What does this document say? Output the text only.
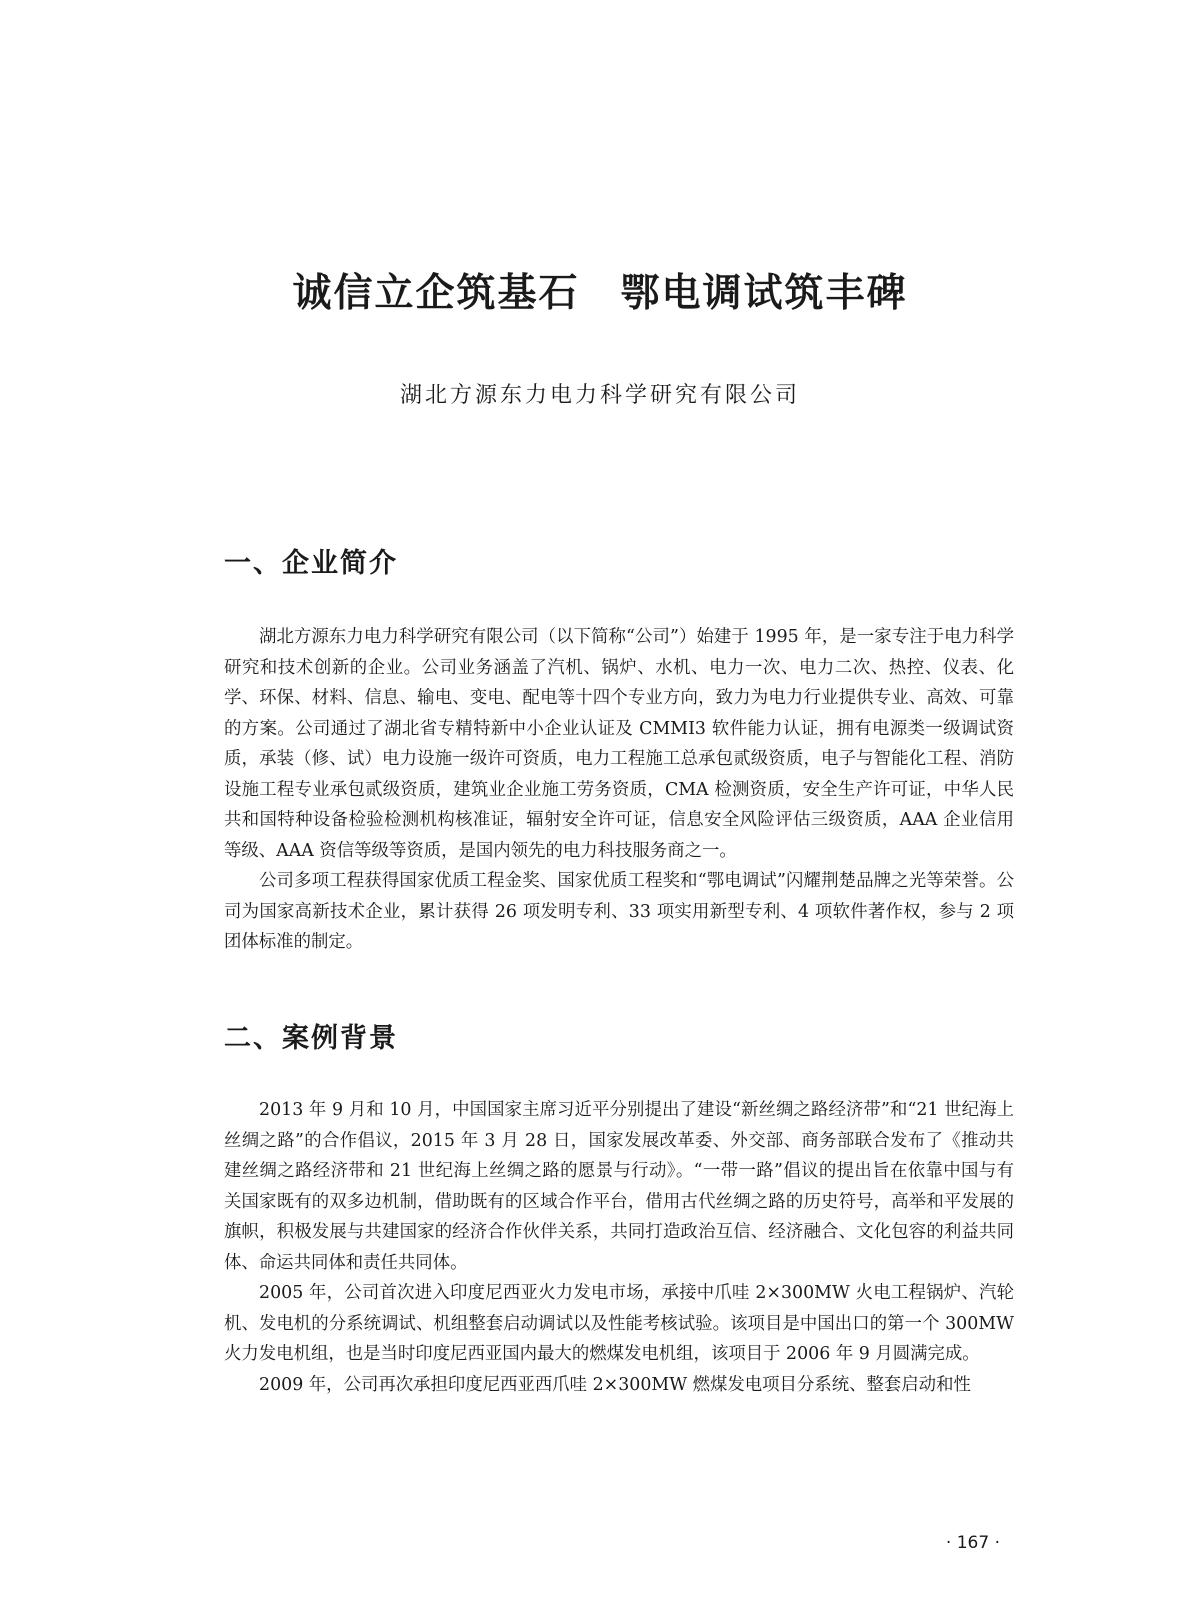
诚信立企筑基石　鄂电调试筑丰碑

湖北方源东力电力科学研究有限公司

一、企业简介

湖北方源东力电力科学研究有限公司（以下简称“公司”）始建于 1995 年，是一家专注于电力科学研究和技术创新的企业。公司业务涵盖了汽机、锅炉、水机、电力一次、电力二次、热控、仪表、化学、环保、材料、信息、输电、变电、配电等十四个专业方向，致力为电力行业提供专业、高效、可靠的方案。公司通过了湖北省专精特新中小企业认证及 CMMI3 软件能力认证，拥有电源类一级调试资质，承装（修、试）电力设施一级许可资质，电力工程施工总承包贰级资质，电子与智能化工程、消防设施工程专业承包贰级资质，建筑业企业施工劳务资质，CMA 检测资质，安全生产许可证，中华人民共和国特种设备检验检测机构核准证，辐射安全许可证，信息安全风险评估三级资质，AAA 企业信用等级、AAA 资信等级等资质，是国内领先的电力科技服务商之一。

公司多项工程获得国家优质工程金奖、国家优质工程奖和“鄂电调试”闪耀荆楚品牌之光等荣誉。公司为国家高新技术企业，累计获得 26 项发明专利、33 项实用新型专利、4 项软件著作权，参与 2 项团体标准的制定。

二、案例背景

2013 年 9 月和 10 月，中国国家主席习近平分别提出了建设“新丝绸之路经济带”和“21 世纪海上丝绸之路”的合作倡议，2015 年 3 月 28 日，国家发展改革委、外交部、商务部联合发布了《推动共建丝绸之路经济带和 21 世纪海上丝绸之路的愿景与行动》。“一带一路”倡议的提出旨在依靠中国与有关国家既有的双多边机制，借助既有的区域合作平台，借用古代丝绸之路的历史符号，高举和平发展的旗帜，积极发展与共建国家的经济合作伙伴关系，共同打造政治互信、经济融合、文化包容的利益共同体、命运共同体和责任共同体。

2005 年，公司首次进入印度尼西亚火力发电市场，承接中爪哇 2×300MW 火电工程锅炉、汽轮机、发电机的分系统调试、机组整套启动调试以及性能考核试验。该项目是中国出口的第一个 300MW 火力发电机组，也是当时印度尼西亚国内最大的燃煤发电机组，该项目于 2006 年 9 月圆满完成。

2009 年，公司再次承担印度尼西亚西爪哇 2×300MW 燃煤发电项目分系统、整套启动和性

· 167 ·
